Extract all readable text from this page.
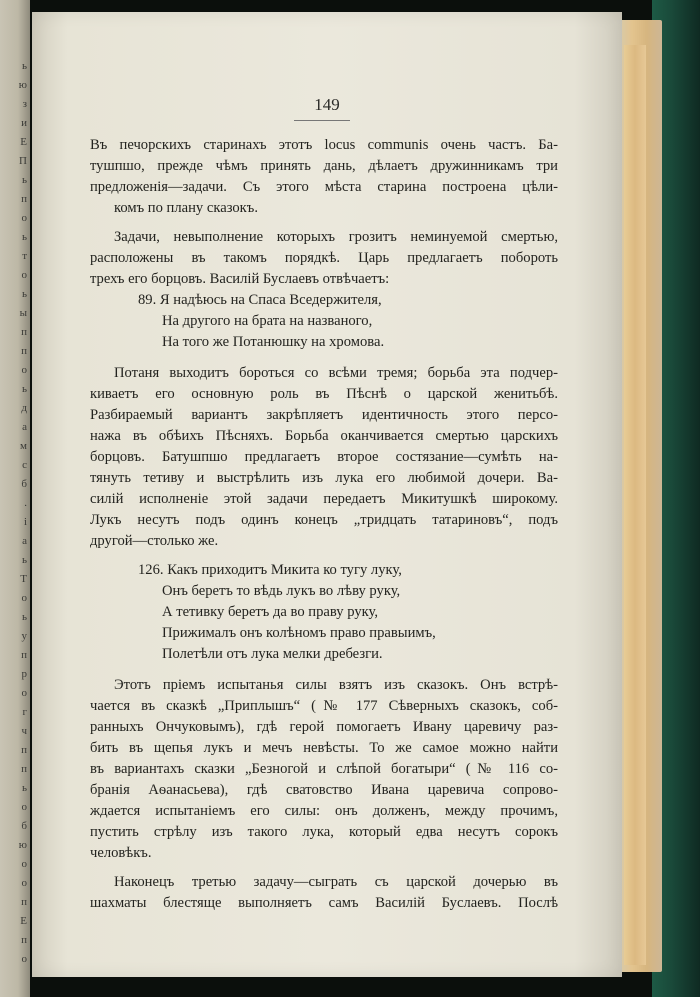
ь
ю
з
и
Е
П
ь
п
о
ь
т
о
ь
ы
п
п
о
ь
д
а
м
с
б
.
i
а
ь
Т
о
ь
у
п
р
о
г
ч
п
п
ь
о
б
ю
о
о
п
Е
п
о
149
Въ печорскихъ старинахъ этотъ locus communis очень частъ. Ба-
тушпшо, прежде чѣмъ принять дань, дѣлаетъ дружинникамъ три
предложенія—задачи. Съ этого мѣста старина построена цѣли-
комъ по плану сказокъ.
Задачи, невыполнение которыхъ грозитъ неминуемой смертью,
расположены въ такомъ порядкѣ. Царь предлагаетъ побороть
трехъ его борцовъ. Василій Буслаевъ отвѣчаетъ:
89. Я надѣюсь на Спаса Вседержителя,
На другого на брата на названого,
На того же Потанюшку на хромова.
Потаня выходитъ бороться со всѣми тремя; борьба эта подчер-
киваетъ его основную роль въ Пѣснѣ о царской женитьбѣ.
Разбираемый вариантъ закрѣпляетъ идентичность этого персо-
нажа въ обѣихъ Пѣсняхъ. Борьба оканчивается смертью царскихъ
борцовъ. Батушпшо предлагаетъ второе состязание—сумѣть на-
тянуть тетиву и выстрѣлить изъ лука его любимой дочери. Ва-
силій исполненіе этой задачи передаетъ Микитушкѣ широкому.
Лукъ несутъ подъ одинъ конецъ „тридцать татариновъ“, подъ
другой—столько же.
126. Какъ приходитъ Микита ко тугу луку,
Онъ беретъ то вѣдь лукъ во лѣву руку,
А тетивку беретъ да во праву руку,
Прижималъ онъ колѣномъ право правыимъ,
Полетѣли отъ лука мелки дребезги.
Этотъ пріемъ испытанья силы взятъ изъ сказокъ. Онъ встрѣ-
чается въ сказкѣ „Приплышъ“ (№ 177 Сѣверныхъ сказокъ, соб-
ранныхъ Ончуковымъ), гдѣ герой помогаетъ Ивану царевичу раз-
бить въ щепья лукъ и мечъ невѣсты. То же самое можно найти
въ вариантахъ сказки „Безногой и слѣпой богатыри“ (№ 116 со-
бранія Аѳанасьева), гдѣ сватовство Ивана царевича сопрово-
ждается испытаніемъ его силы: онъ долженъ, между прочимъ,
пустить стрѣлу изъ такого лука, который едва несутъ сорокъ
человѣкъ.
Наконецъ третью задачу—сыграть съ царской дочерью въ
шахматы блестяще выполняетъ самъ Василій Буслаевъ. Послѣ
